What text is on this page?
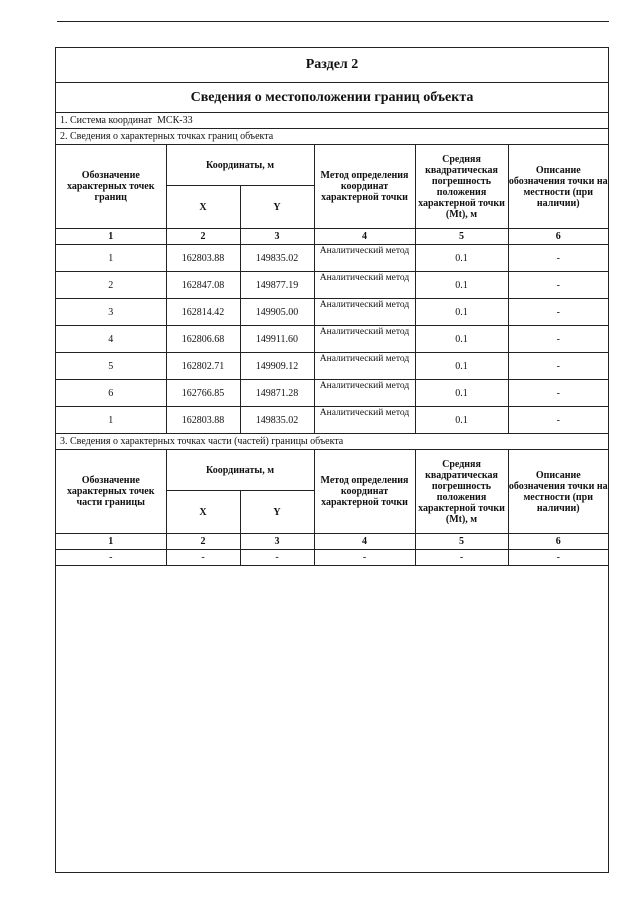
Раздел 2					
Сведения о местоположении границ объекта					
1. Система координат МСК-33					
2. Сведения о характерных точках границ объекта					
Обозначение характерных точек границ	Координаты, м		Метод определения координат характерной точки	Средняя квадратическая погрешность положения характерной точки (Mt), м	Описание обозначения точки на местности (при наличии)
	X	Y			
1	2	3	4	5	6
1	162803.88	149835.02	Аналитический метод	0.1	-
2	162847.08	149877.19	Аналитический метод	0.1	-
3	162814.42	149905.00	Аналитический метод	0.1	-
4	162806.68	149911.60	Аналитический метод	0.1	-
5	162802.71	149909.12	Аналитический метод	0.1	-
6	162766.85	149871.28	Аналитический метод	0.1	-
1	162803.88	149835.02	Аналитический метод	0.1	-
3. Сведения о характерных точках части (частей) границы объекта					
Обозначение характерных точек части границы	Координаты, м		Метод определения координат характерной точки	Средняя квадратическая погрешность положения характерной точки (Mt), м	Описание обозначения точки на местности (при наличии)
	X	Y			
1	2	3	4	5	6
-	-	-	-	-	-
